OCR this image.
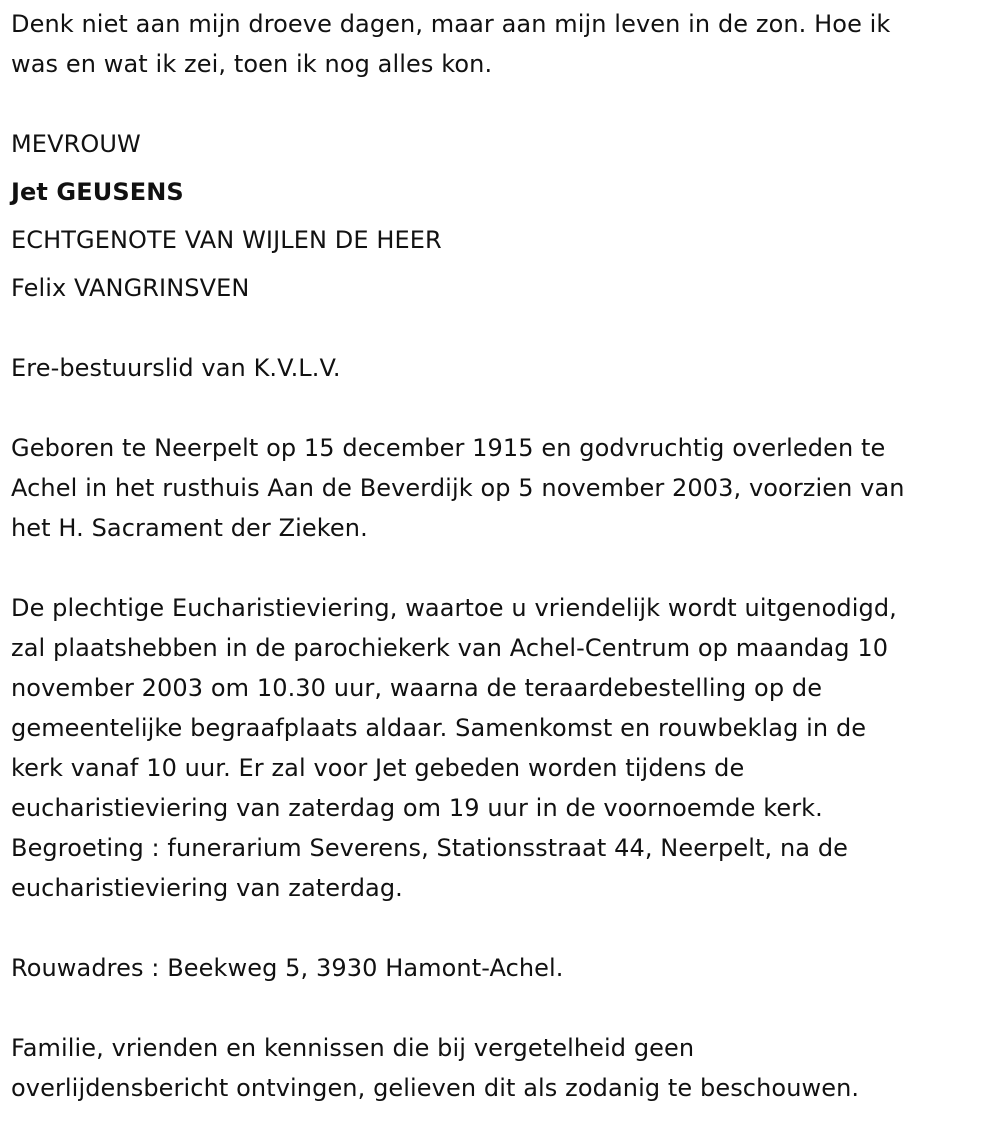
Denk niet aan mijn droeve dagen, maar aan mijn leven in de zon. Hoe ik
was en wat ik zei, toen ik nog alles kon.
MEVROUW
Jet GEUSENS
ECHTGENOTE VAN WIJLEN DE HEER
Felix VANGRINSVEN
Ere-bestuurslid van K.V.L.V.
Geboren te Neerpelt op 15 december 1915 en godvruchtig overleden te
Achel in het rusthuis Aan de Beverdijk op 5 november 2003, voorzien van
het H. Sacrament der Zieken.
De plechtige Eucharistieviering, waartoe u vriendelijk wordt uitgenodigd,
zal plaatshebben in de parochiekerk van Achel-Centrum op maandag 10
november 2003 om 10.30 uur, waarna de teraardebestelling op de
gemeentelijke begraafplaats aldaar. Samenkomst en rouwbeklag in de
kerk vanaf 10 uur. Er zal voor Jet gebeden worden tijdens de
eucharistieviering van zaterdag om 19 uur in de voornoemde kerk.
Begroeting : funerarium Severens, Stationsstraat 44, Neerpelt, na de
eucharistieviering van zaterdag.
Rouwadres : Beekweg 5, 3930 Hamont-Achel.
Familie, vrienden en kennissen die bij vergetelheid geen
overlijdensbericht ontvingen, gelieven dit als zodanig te beschouwen.
